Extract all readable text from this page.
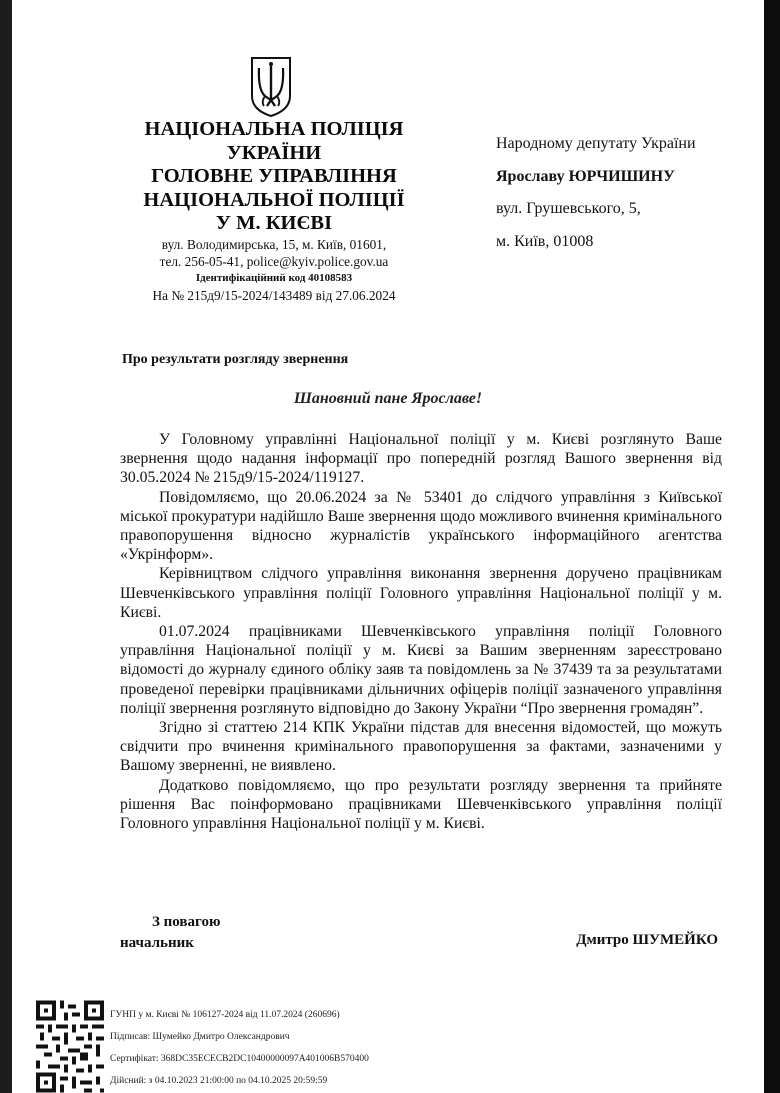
НАЦІОНАЛЬНА ПОЛІЦІЯ
УКРАЇНИ
ГОЛОВНЕ УПРАВЛІННЯ
НАЦІОНАЛЬНОЇ ПОЛІЦІЇ
У М. КИЄВІ
вул. Володимирська, 15, м. Київ, 01601,
тел. 256-05-41, police@kyiv.police.gov.ua
Ідентифікаційний код 40108583
На № 215д9/15-2024/143489 від 27.06.2024
Народному депутату України
Ярославу ЮРЧИШИНУ
вул. Грушевського, 5,
м. Київ, 01008
Про результати розгляду звернення
Шановний пане Ярославе!

У Головному управлінні Національної поліції у м. Києві розглянуто Ваше звернення щодо надання інформації про попередній розгляд Вашого звернення від 30.05.2024 № 215д9/15-2024/119127.

Повідомляємо, що 20.06.2024 за № 53401 до слідчого управління з Київської міської прокуратури надійшло Ваше звернення щодо можливого вчинення кримінального правопорушення відносно журналістів українського інформаційного агентства «Укрінформ».

Керівництвом слідчого управління виконання звернення доручено працівникам Шевченківського управління поліції Головного управління Національної поліції у м. Києві.

01.07.2024 працівниками Шевченківського управління поліції Головного управління Національної поліції у м. Києві за Вашим зверненням зареєстровано відомості до журналу єдиного обліку заяв та повідомлень за № 37439 та за результатами проведеної перевірки працівниками дільничних офіцерів поліції зазначеного управління поліції звернення розглянуто відповідно до Закону України “Про звернення громадян”.

Згідно зі статтею 214 КПК України підстав для внесення відомостей, що можуть свідчити про вчинення кримінального правопорушення за фактами, зазначеними у Вашому зверненні, не виявлено.

Додатково повідомляємо, що про результати розгляду звернення та прийняте рішення Вас поінформовано працівниками Шевченківського управління поліції Головного управління Національної поліції у м. Києві.

З повагою
начальник	Дмитро ШУМЕЙКО
ГУНП у м. Києві № 106127-2024 від 11.07.2024 (260696)
Підписав: Шумейко Дмитро Олександрович
Сертифікат: 368DC35ECECB2DC10400000097A401006B570400
Дійсний: з 04.10.2023 21:00:00 по 04.10.2025 20:59:59
